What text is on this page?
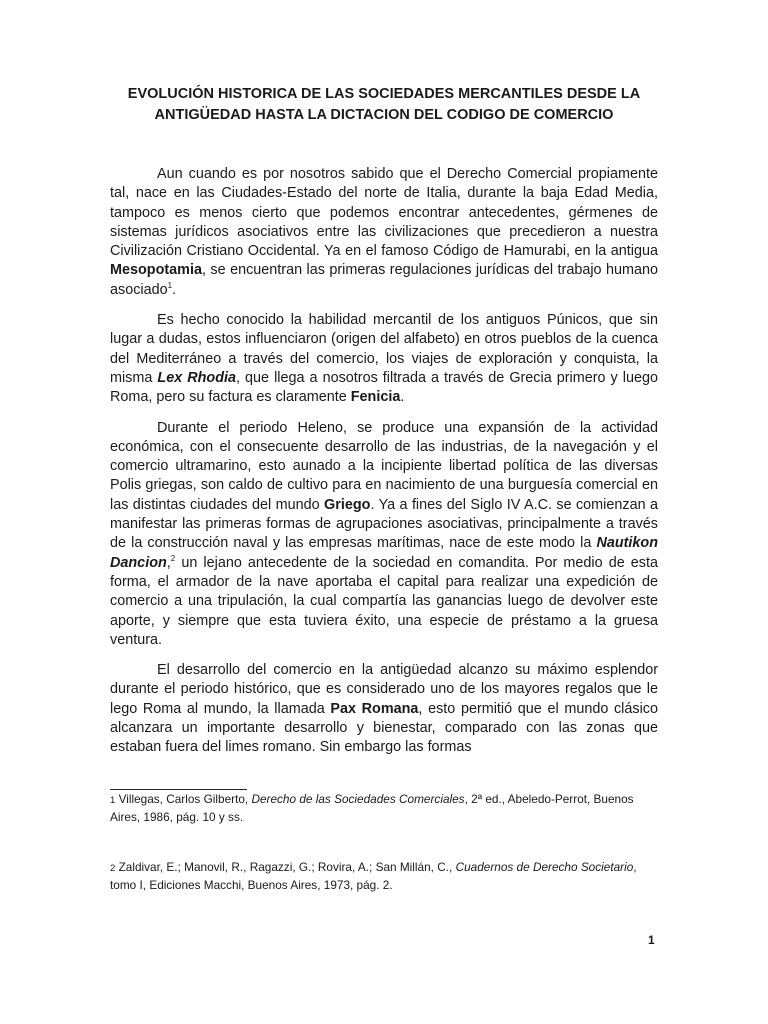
EVOLUCIÓN HISTORICA DE LAS SOCIEDADES MERCANTILES DESDE LA
ANTIGÜEDAD HASTA LA DICTACION DEL CODIGO DE COMERCIO

Aun cuando es por nosotros sabido que el Derecho Comercial propiamente tal, nace en las Ciudades-Estado del norte de Italia, durante la baja Edad Media, tampoco es menos cierto que podemos encontrar antecedentes, gérmenes de sistemas jurídicos asociativos entre las civilizaciones que precedieron a nuestra Civilización Cristiano Occidental. Ya en el famoso Código de Hamurabi, en la antigua Mesopotamia, se encuentran las primeras regulaciones jurídicas del trabajo humano asociado$^1$.

Es hecho conocido la habilidad mercantil de los antiguos Púnicos, que sin lugar a dudas, estos influenciaron (origen del alfabeto) en otros pueblos de la cuenca del Mediterráneo a través del comercio, los viajes de exploración y conquista, la misma Lex Rhodia, que llega a nosotros filtrada a través de Grecia primero y luego Roma, pero su factura es claramente Fenicia.

Durante el periodo Heleno, se produce una expansión de la actividad económica, con el consecuente desarrollo de las industrias, de la navegación y el comercio ultramarino, esto aunado a la incipiente libertad política de las diversas Polis griegas, son caldo de cultivo para en nacimiento de una burguesía comercial en las distintas ciudades del mundo Griego. Ya a fines del Siglo IV A.C. se comienzan a manifestar las primeras formas de agrupaciones asociativas, principalmente a través de la construcción naval y las empresas marítimas, nace de este modo la Nautikon Dancion,$^2$ un lejano antecedente de la sociedad en comandita. Por medio de esta forma, el armador de la nave aportaba el capital para realizar una expedición de comercio a una tripulación, la cual compartía las ganancias luego de devolver este aporte, y siempre que esta tuviera éxito, una especie de préstamo a la gruesa ventura.

El desarrollo del comercio en la antigüedad alcanzo su máximo esplendor durante el periodo histórico, que es considerado uno de los mayores regalos que le lego Roma al mundo, la llamada Pax Romana, esto permitió que el mundo clásico alcanzara un importante desarrollo y bienestar, comparado con las zonas que estaban fuera del limes romano. Sin embargo las formas

1 Villegas, Carlos Gilberto, Derecho de las Sociedades Comerciales, 2ª ed., Abeledo-Perrot, Buenos Aires, 1986, pág. 10 y ss.

2 Zaldivar, E.; Manovil, R., Ragazzi, G.; Rovira, A.; San Millán, C., Cuadernos de Derecho Societario, tomo I, Ediciones Macchi, Buenos Aires, 1973, pág. 2.

1
